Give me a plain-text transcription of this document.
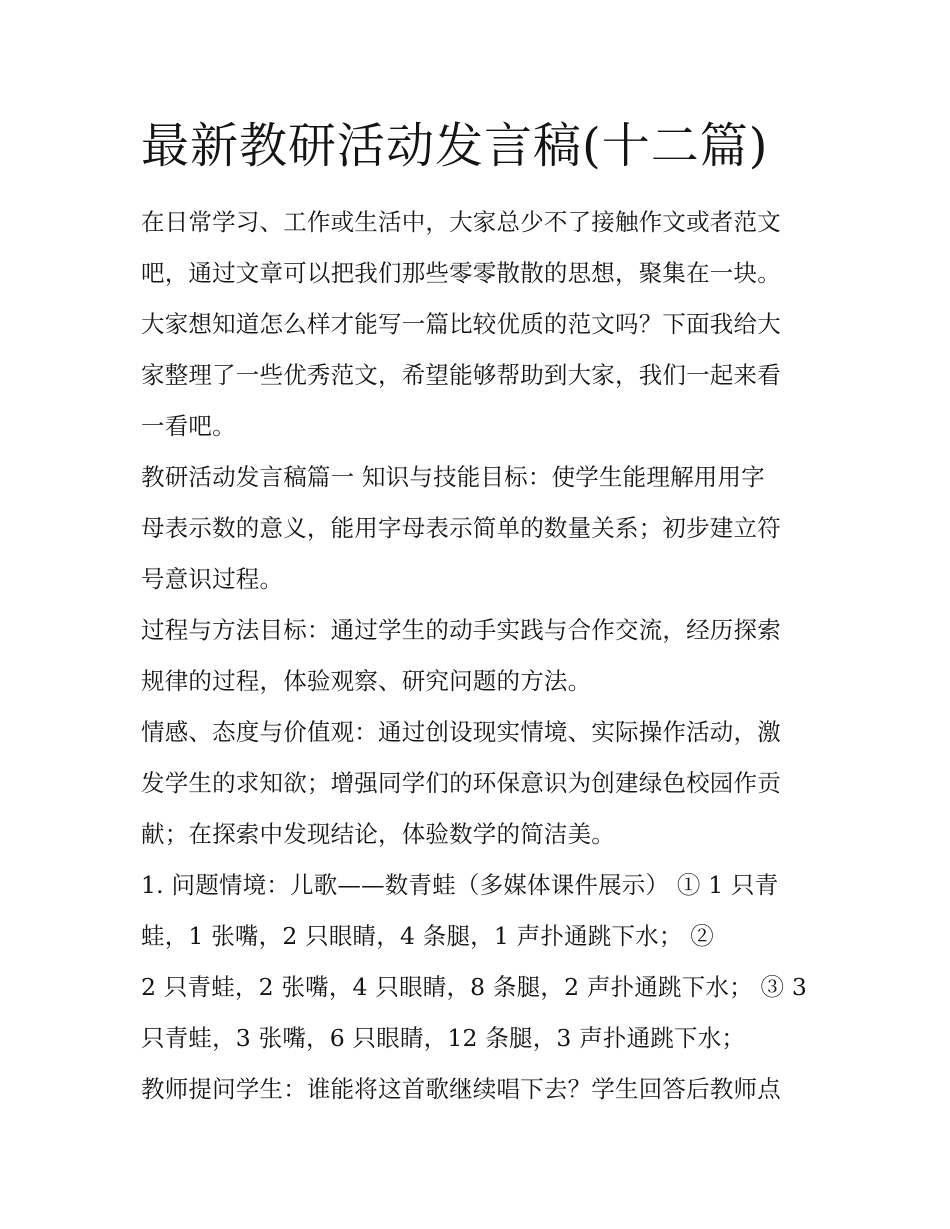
最新教研活动发言稿(十二篇)

在日常学习、工作或生活中，大家总少不了接触作文或者范文

吧，通过文章可以把我们那些零零散散的思想，聚集在一块。

大家想知道怎么样才能写一篇比较优质的范文吗？下面我给大

家整理了一些优秀范文，希望能够帮助到大家，我们一起来看

一看吧。

教研活动发言稿篇一 知识与技能目标：使学生能理解用用字

母表示数的意义，能用字母表示简单的数量关系；初步建立符

号意识过程。

过程与方法目标：通过学生的动手实践与合作交流，经历探索

规律的过程，体验观察、研究问题的方法。

情感、态度与价值观：通过创设现实情境、实际操作活动，激

发学生的求知欲；增强同学们的环保意识为创建绿色校园作贡

献；在探索中发现结论，体验数学的简洁美。

1. 问题情境：儿歌——数青蛙（多媒体课件展示） ① 1 只青

蛙，1 张嘴，2 只眼睛，4 条腿，1 声扑通跳下水； ②

2 只青蛙，2 张嘴，4 只眼睛，8 条腿，2 声扑通跳下水； ③ 3

只青蛙，3 张嘴，6 只眼睛，12 条腿，3 声扑通跳下水；

教师提问学生：谁能将这首歌继续唱下去？学生回答后教师点
